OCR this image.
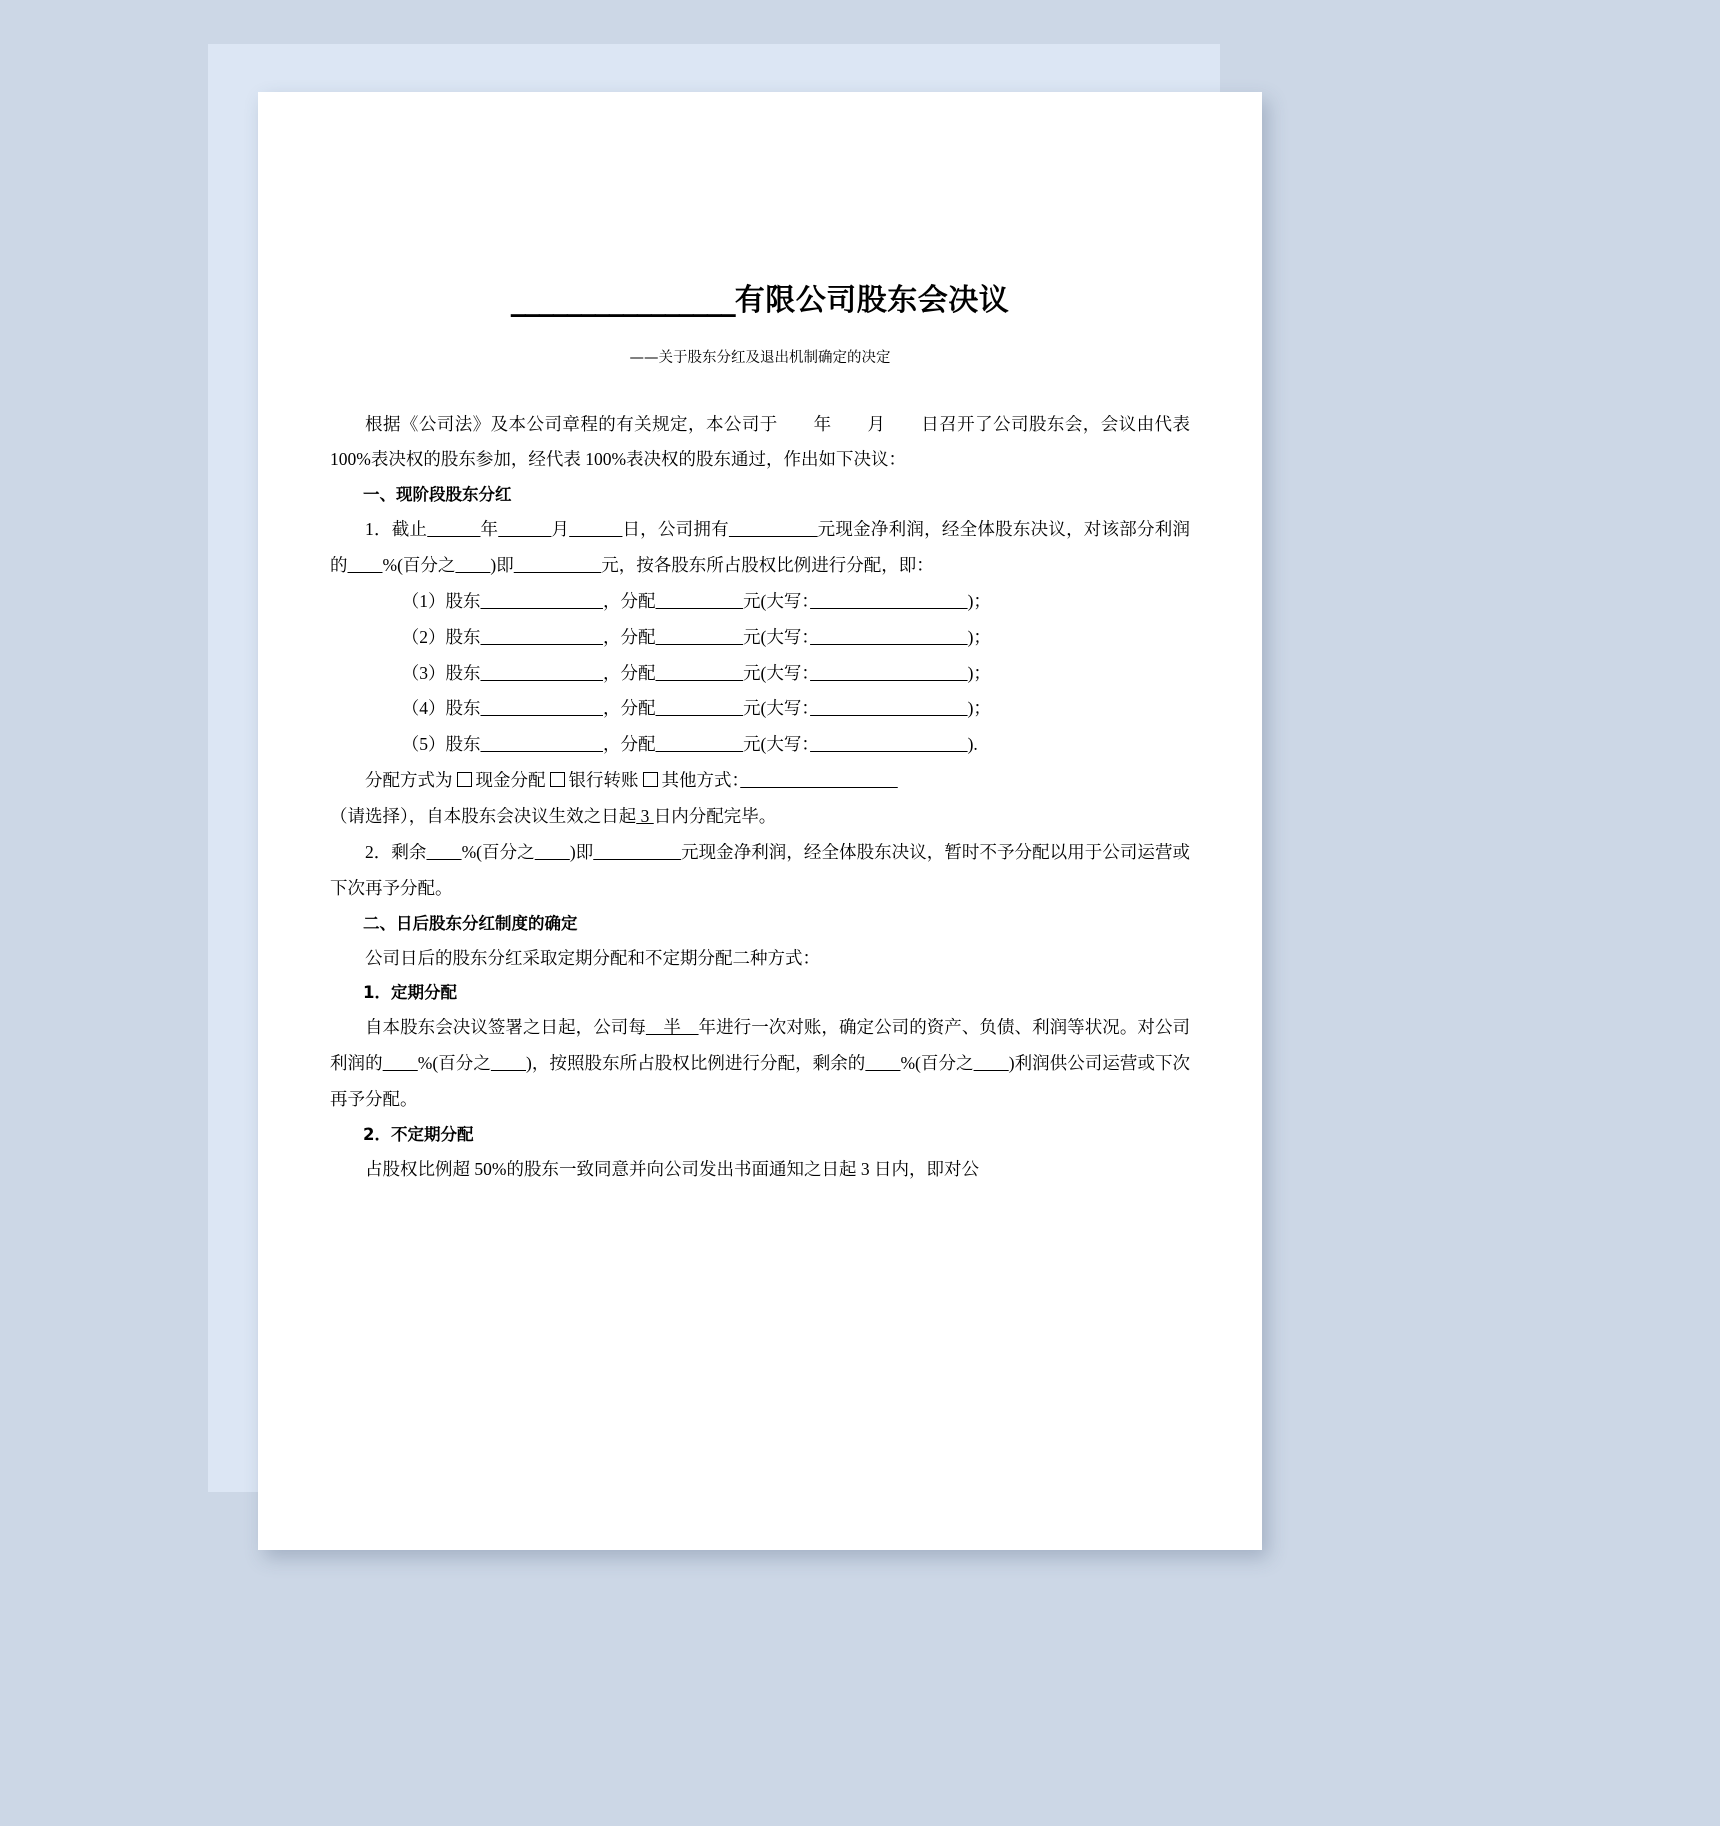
________________有限公司股东会决议
——关于股东分红及退出机制确定的决定

根据《公司法》及本公司章程的有关规定，本公司于　　年　　月　　日召开了公司股东会，会议由代表 100%表决权的股东参加，经代表 100%表决权的股东通过，作出如下决议：

一、现阶段股东分红

1．截止　　　	年　　　	月　　　	日，公司拥有　　　　　	元现金净利润，经全体股东决议，对该部分利润的　　 %(百分之　　 )即　　　　　	元，按各股东所占股权比例进行分配，即：

（1）股东　　　　　　　	，分配　　　　　	元(大写：　　　　　　　　　	)；

（2）股东　　　　　　　	，分配　　　　　	元(大写：　　　　　　　　　	)；

（3）股东　　　　　　　	，分配　　　　　	元(大写：　　　　　　　　　	)；

（4）股东　　　　　　　	，分配　　　　　	元(大写：　　　　　　　　　	)；

（5）股东　　　　　　　	，分配　　　　　	元(大写：　　　　　　　　　	).

分配方式为 现金分配 银行转账 其他方式：　　　　　　　　　

（请选择），自本股东会决议生效之日起 3 日内分配完毕。

2．剩余　　 %(百分之　　 )即　　　　　	元现金净利润，经全体股东决议，暂时不予分配以用于公司运营或下次再予分配。

二、日后股东分红制度的确定

公司日后的股东分红采取定期分配和不定期分配二种方式：

1．定期分配

自本股东会决议签署之日起，公司每　半　年进行一次对账，确定公司的资产、负债、利润等状况。对公司利润的　　 %(百分之　　 )，按照股东所占股权比例进行分配，剩余的　　 %(百分之　　 )利润供公司运营或下次再予分配。

2．不定期分配

占股权比例超 50%的股东一致同意并向公司发出书面通知之日起 3 日内，即对公
